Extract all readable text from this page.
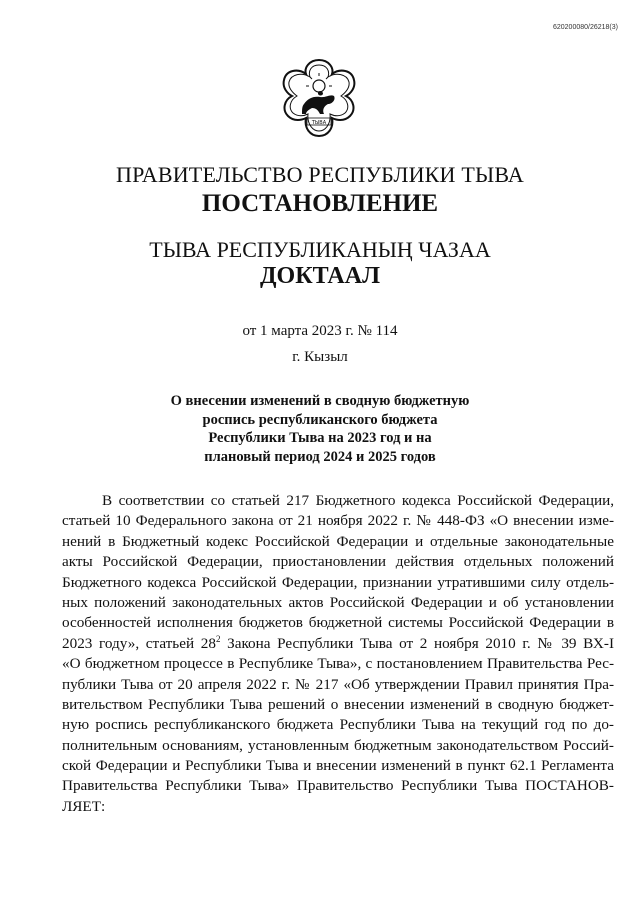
620200080/26218(3)
ТЫВА
ПРАВИТЕЛЬСТВО РЕСПУБЛИКИ ТЫВА
ПОСТАНОВЛЕНИЕ
ТЫВА РЕСПУБЛИКАНЫҢ ЧАЗАА
ДОКТААЛ
от 1 марта 2023 г. № 114
г. Кызыл
О внесении изменений в сводную бюджетную
роспись республиканского бюджета
Республики Тыва на 2023 год и на
плановый период 2024 и 2025 годов
В соответствии со статьей 217 Бюджетного кодекса Российской Федерации,
статьей 10 Федерального закона от 21 ноября 2022 г. № 448-ФЗ «О внесении изме-
нений в Бюджетный кодекс Российской Федерации и отдельные законодательные
акты Российской Федерации, приостановлении действия отдельных положений
Бюджетного кодекса Российской Федерации, признании утратившими силу отдель-
ных положений законодательных актов Российской Федерации и об установлении
особенностей исполнения бюджетов бюджетной системы Российской Федерации в
2023 году», статьей $28^2$ Закона Республики Тыва от 2 ноября 2010 г. № 39 ВХ-I
«О бюджетном процессе в Республике Тыва», с постановлением Правительства Рес-
публики Тыва от 20 апреля 2022 г. № 217 «Об утверждении Правил принятия Пра-
вительством Республики Тыва решений о внесении изменений в сводную бюджет-
ную роспись республиканского бюджета Республики Тыва на текущий год по до-
полнительным основаниям, установленным бюджетным законодательством Россий-
ской Федерации и Республики Тыва и внесении изменений в пункт 62.1 Регламента
Правительства Республики Тыва» Правительство Республики Тыва ПОСТАНОВ-
ЛЯЕТ:
